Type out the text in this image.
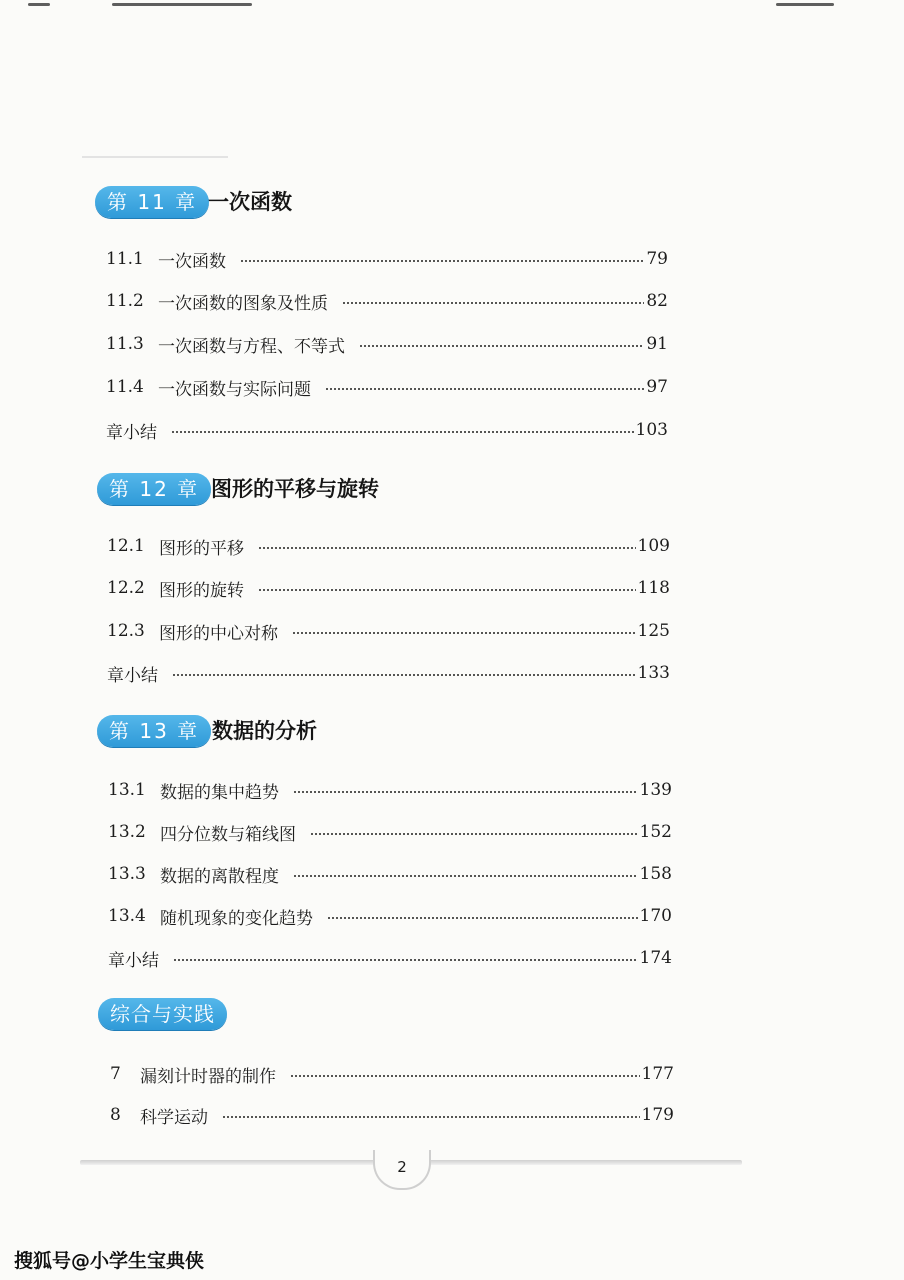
第 11 章 一次函数
11.1 一次函数	79
11.2 一次函数的图象及性质	82
11.3 一次函数与方程、不等式	91
11.4 一次函数与实际问题	97
章小结	103
第 12 章 图形的平移与旋转
12.1 图形的平移	109
12.2 图形的旋转	118
12.3 图形的中心对称	125
章小结	133
第 13 章 数据的分析
13.1 数据的集中趋势	139
13.2 四分位数与箱线图	152
13.3 数据的离散程度	158
13.4 随机现象的变化趋势	170
章小结	174
综合与实践
7	漏刻计时器的制作	177
8	科学运动	179
2
搜狐号@小学生宝典侠
